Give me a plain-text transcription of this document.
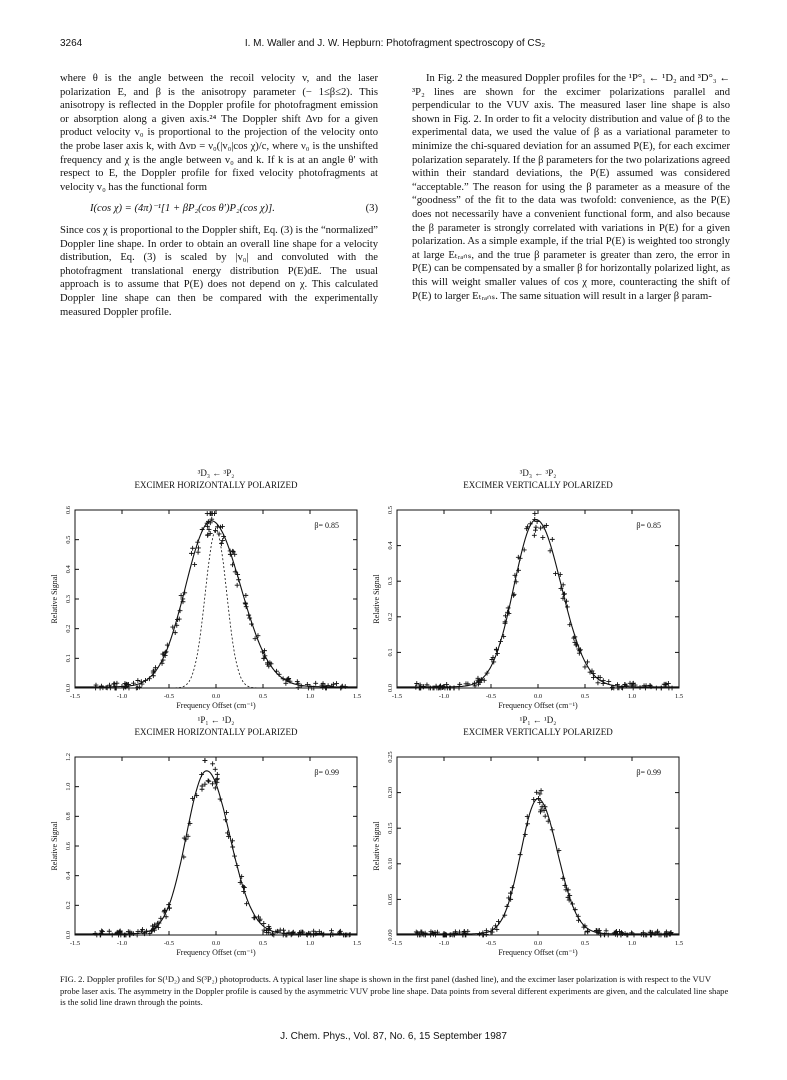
3264	I. M. Waller and J. W. Hepburn: Photofragment spectroscopy of CS₂

where θ is the angle between the recoil velocity v, and the laser polarization E, and β is the anisotropy parameter (− 1≤β≤2). This anisotropy is reflected in the Doppler profile for photofragment emission or absorption along a given axis.²⁴ The Doppler shift Δνᴅ for a given product velocity v₀ is proportional to the projection of the velocity onto the probe laser axis k, with Δνᴅ = ν₀(|v₀|cos χ)/c, where ν₀ is the unshifted frequency and χ is the angle between v₀ and k. If k is at an angle θ′ with respect to E, the Doppler profile for fixed velocity photofragments at velocity v₀ has the functional form

I(cos χ) = (4π)⁻¹[1 + βP₂(cos θ′)P₂(cos χ)].	(3)

Since cos χ is proportional to the Doppler shift, Eq. (3) is the “normalized” Doppler line shape. In order to obtain an overall line shape for a velocity distribution, Eq. (3) is scaled by |v₀| and convoluted with the photofragment translational energy distribution P(E)dE. The usual approach is to assume that P(E) does not depend on χ. This calculated Doppler line shape can then be compared with the experimentally measured Doppler profile.

In Fig. 2 the measured Doppler profiles for the ¹P°₁ ← ¹D₂ and ³D°₃ ← ³P₂ lines are shown for the excimer polarizations parallel and perpendicular to the VUV axis. The measured laser line shape is also shown in Fig. 2. In order to fit a velocity distribution and value of β to the experimental data, we used the value of β as a variational parameter to minimize the chi-squared deviation for an assumed P(E), for each excimer polarization separately. If the β parameters for the two polarizations agreed within their standard deviations, the P(E) assumed was considered “acceptable.” The reason for using the β parameter as a measure of the “goodness” of the fit to the data was twofold: convenience, as the P(E) does not necessarily have a convenient functional form, and also because the β parameter is strongly correlated with variations in P(E) for a given polarization. As a simple example, if the trial P(E) is weighted too strongly at large Eₜᵣₐₙₛ, and the true β parameter is greater than zero, the error in P(E) can be compensated by a smaller β for horizontally polarized light, as this will weight smaller values of cos χ more, counteracting the shift of P(E) to larger Eₜᵣₐₙₛ. The same situation will result in a larger β param-

³D₃ ← ³P₂
EXCIMER HORIZONTALLY POLARIZED
-1.5	-1.0	-0.5	0.0	0.5	1.0	1.5
Frequency Offset (cm⁻¹)
0.0
0.1
0.2
0.3
0.4
0.5
0.6
Relative Signal
β= 0.85
³D₃ ← ³P₂
EXCIMER VERTICALLY POLARIZED
-1.5	-1.0	-0.5	0.0	0.5	1.0	1.5
Frequency Offset (cm⁻¹)
0.0
0.1
0.2
0.3
0.4
0.5
Relative Signal
β= 0.85
¹P₁ ← ¹D₂
EXCIMER HORIZONTALLY POLARIZED
-1.5	-1.0	-0.5	0.0	0.5	1.0	1.5
Frequency Offset (cm⁻¹)
0.0
0.2
0.4
0.6
0.8
1.0
1.2
Relative Signal
β= 0.99
¹P₁ ← ¹D₂
EXCIMER VERTICALLY POLARIZED
-1.5	-1.0	-0.5	0.0	0.5	1.0	1.5
Frequency Offset (cm⁻¹)
0.00
0.05
0.10
0.15
0.20
0.25
Relative Signal
β= 0.99
FIG. 2. Doppler profiles for S(¹D₂) and S(³P₂) photoproducts. A typical laser line shape is shown in the first panel (dashed line), and the excimer laser polarization is with respect to the VUV probe laser axis. The asymmetry in the Doppler profile is caused by the asymmetric VUV probe line shape. Data points from several different experiments are given, and the calculated line shape is the solid line drawn through the points.
J. Chem. Phys., Vol. 87, No. 6, 15 September 1987
